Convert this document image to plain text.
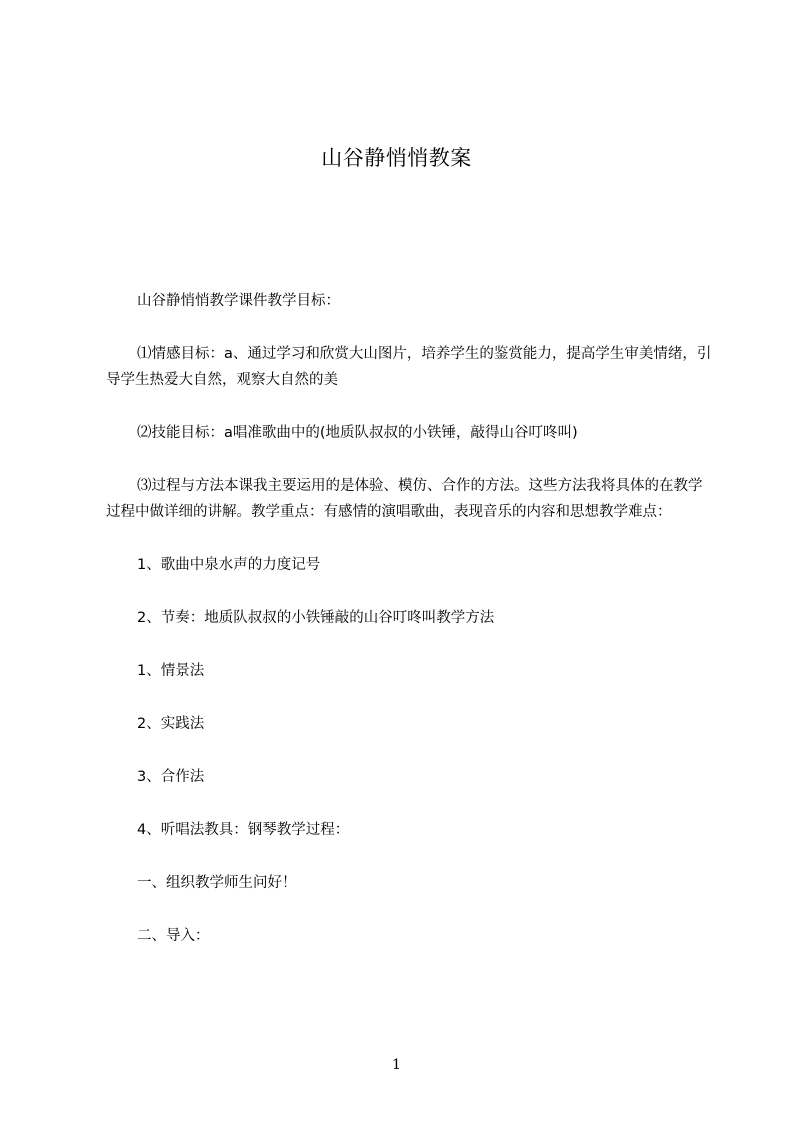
山谷静悄悄教案

山谷静悄悄教学课件教学目标：

⑴情感目标：a、通过学习和欣赏大山图片，培养学生的鉴赏能力，提高学生审美情绪，引导学生热爱大自然，观察大自然的美

⑵技能目标：a唱准歌曲中的(地质队叔叔的小铁锤，敲得山谷叮咚叫)

⑶过程与方法本课我主要运用的是体验、模仿、合作的方法。这些方法我将具体的在教学过程中做详细的讲解。教学重点：有感情的演唱歌曲，表现音乐的内容和思想教学难点：

1、歌曲中泉水声的力度记号

2、节奏：地质队叔叔的小铁锤敲的山谷叮咚叫教学方法

1、情景法

2、实践法

3、合作法

4、听唱法教具：钢琴教学过程：

一、组织教学师生问好！

二、导入：

1
